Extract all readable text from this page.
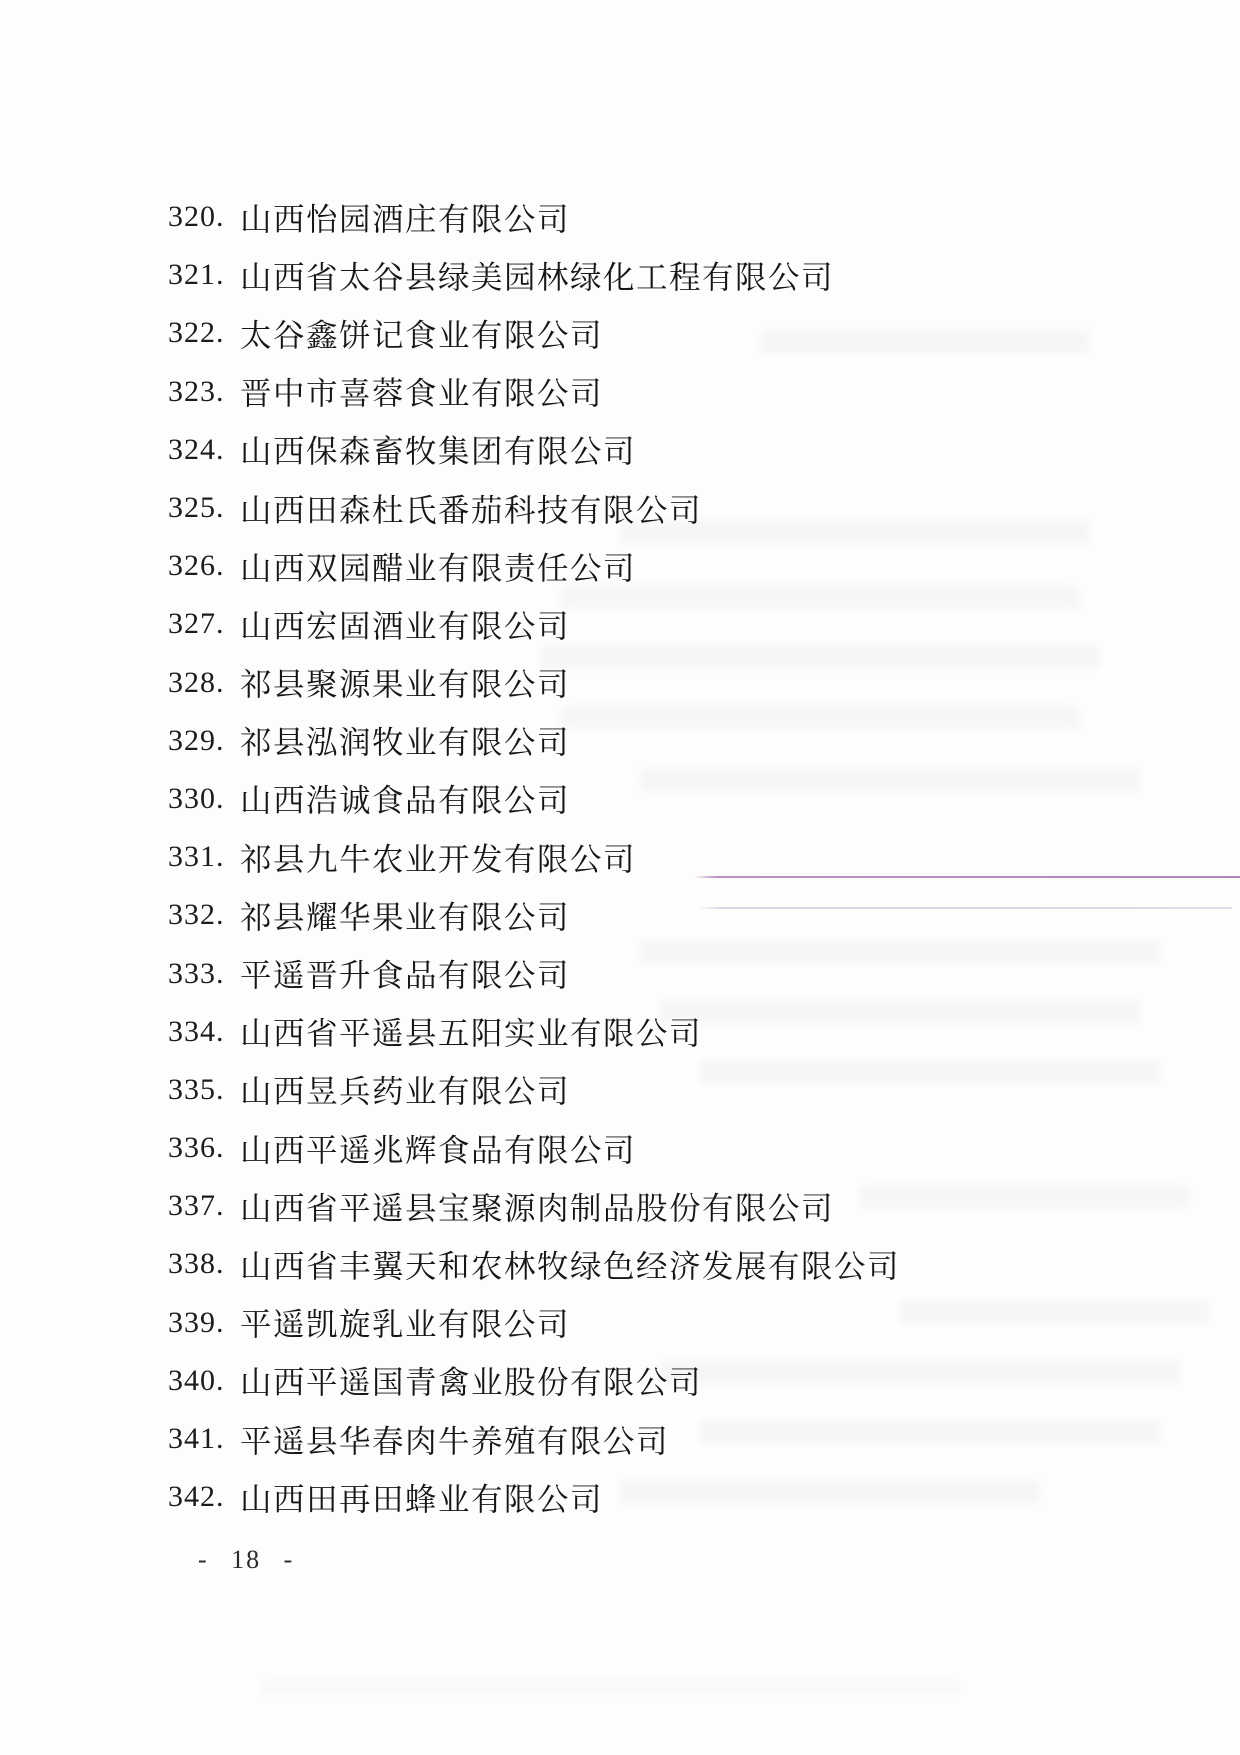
320. 山西怡园酒庄有限公司
321. 山西省太谷县绿美园林绿化工程有限公司
322. 太谷鑫饼记食业有限公司
323. 晋中市喜蓉食业有限公司
324. 山西保森畜牧集团有限公司
325. 山西田森杜氏番茄科技有限公司
326. 山西双园醋业有限责任公司
327. 山西宏固酒业有限公司
328. 祁县聚源果业有限公司
329. 祁县泓润牧业有限公司
330. 山西浩诚食品有限公司
331. 祁县九牛农业开发有限公司
332. 祁县耀华果业有限公司
333. 平遥晋升食品有限公司
334. 山西省平遥县五阳实业有限公司
335. 山西昱兵药业有限公司
336. 山西平遥兆辉食品有限公司
337. 山西省平遥县宝聚源肉制品股份有限公司
338. 山西省丰翼天和农林牧绿色经济发展有限公司
339. 平遥凯旋乳业有限公司
340. 山西平遥国青禽业股份有限公司
341. 平遥县华春肉牛养殖有限公司
342. 山西田再田蜂业有限公司
- 18 -
